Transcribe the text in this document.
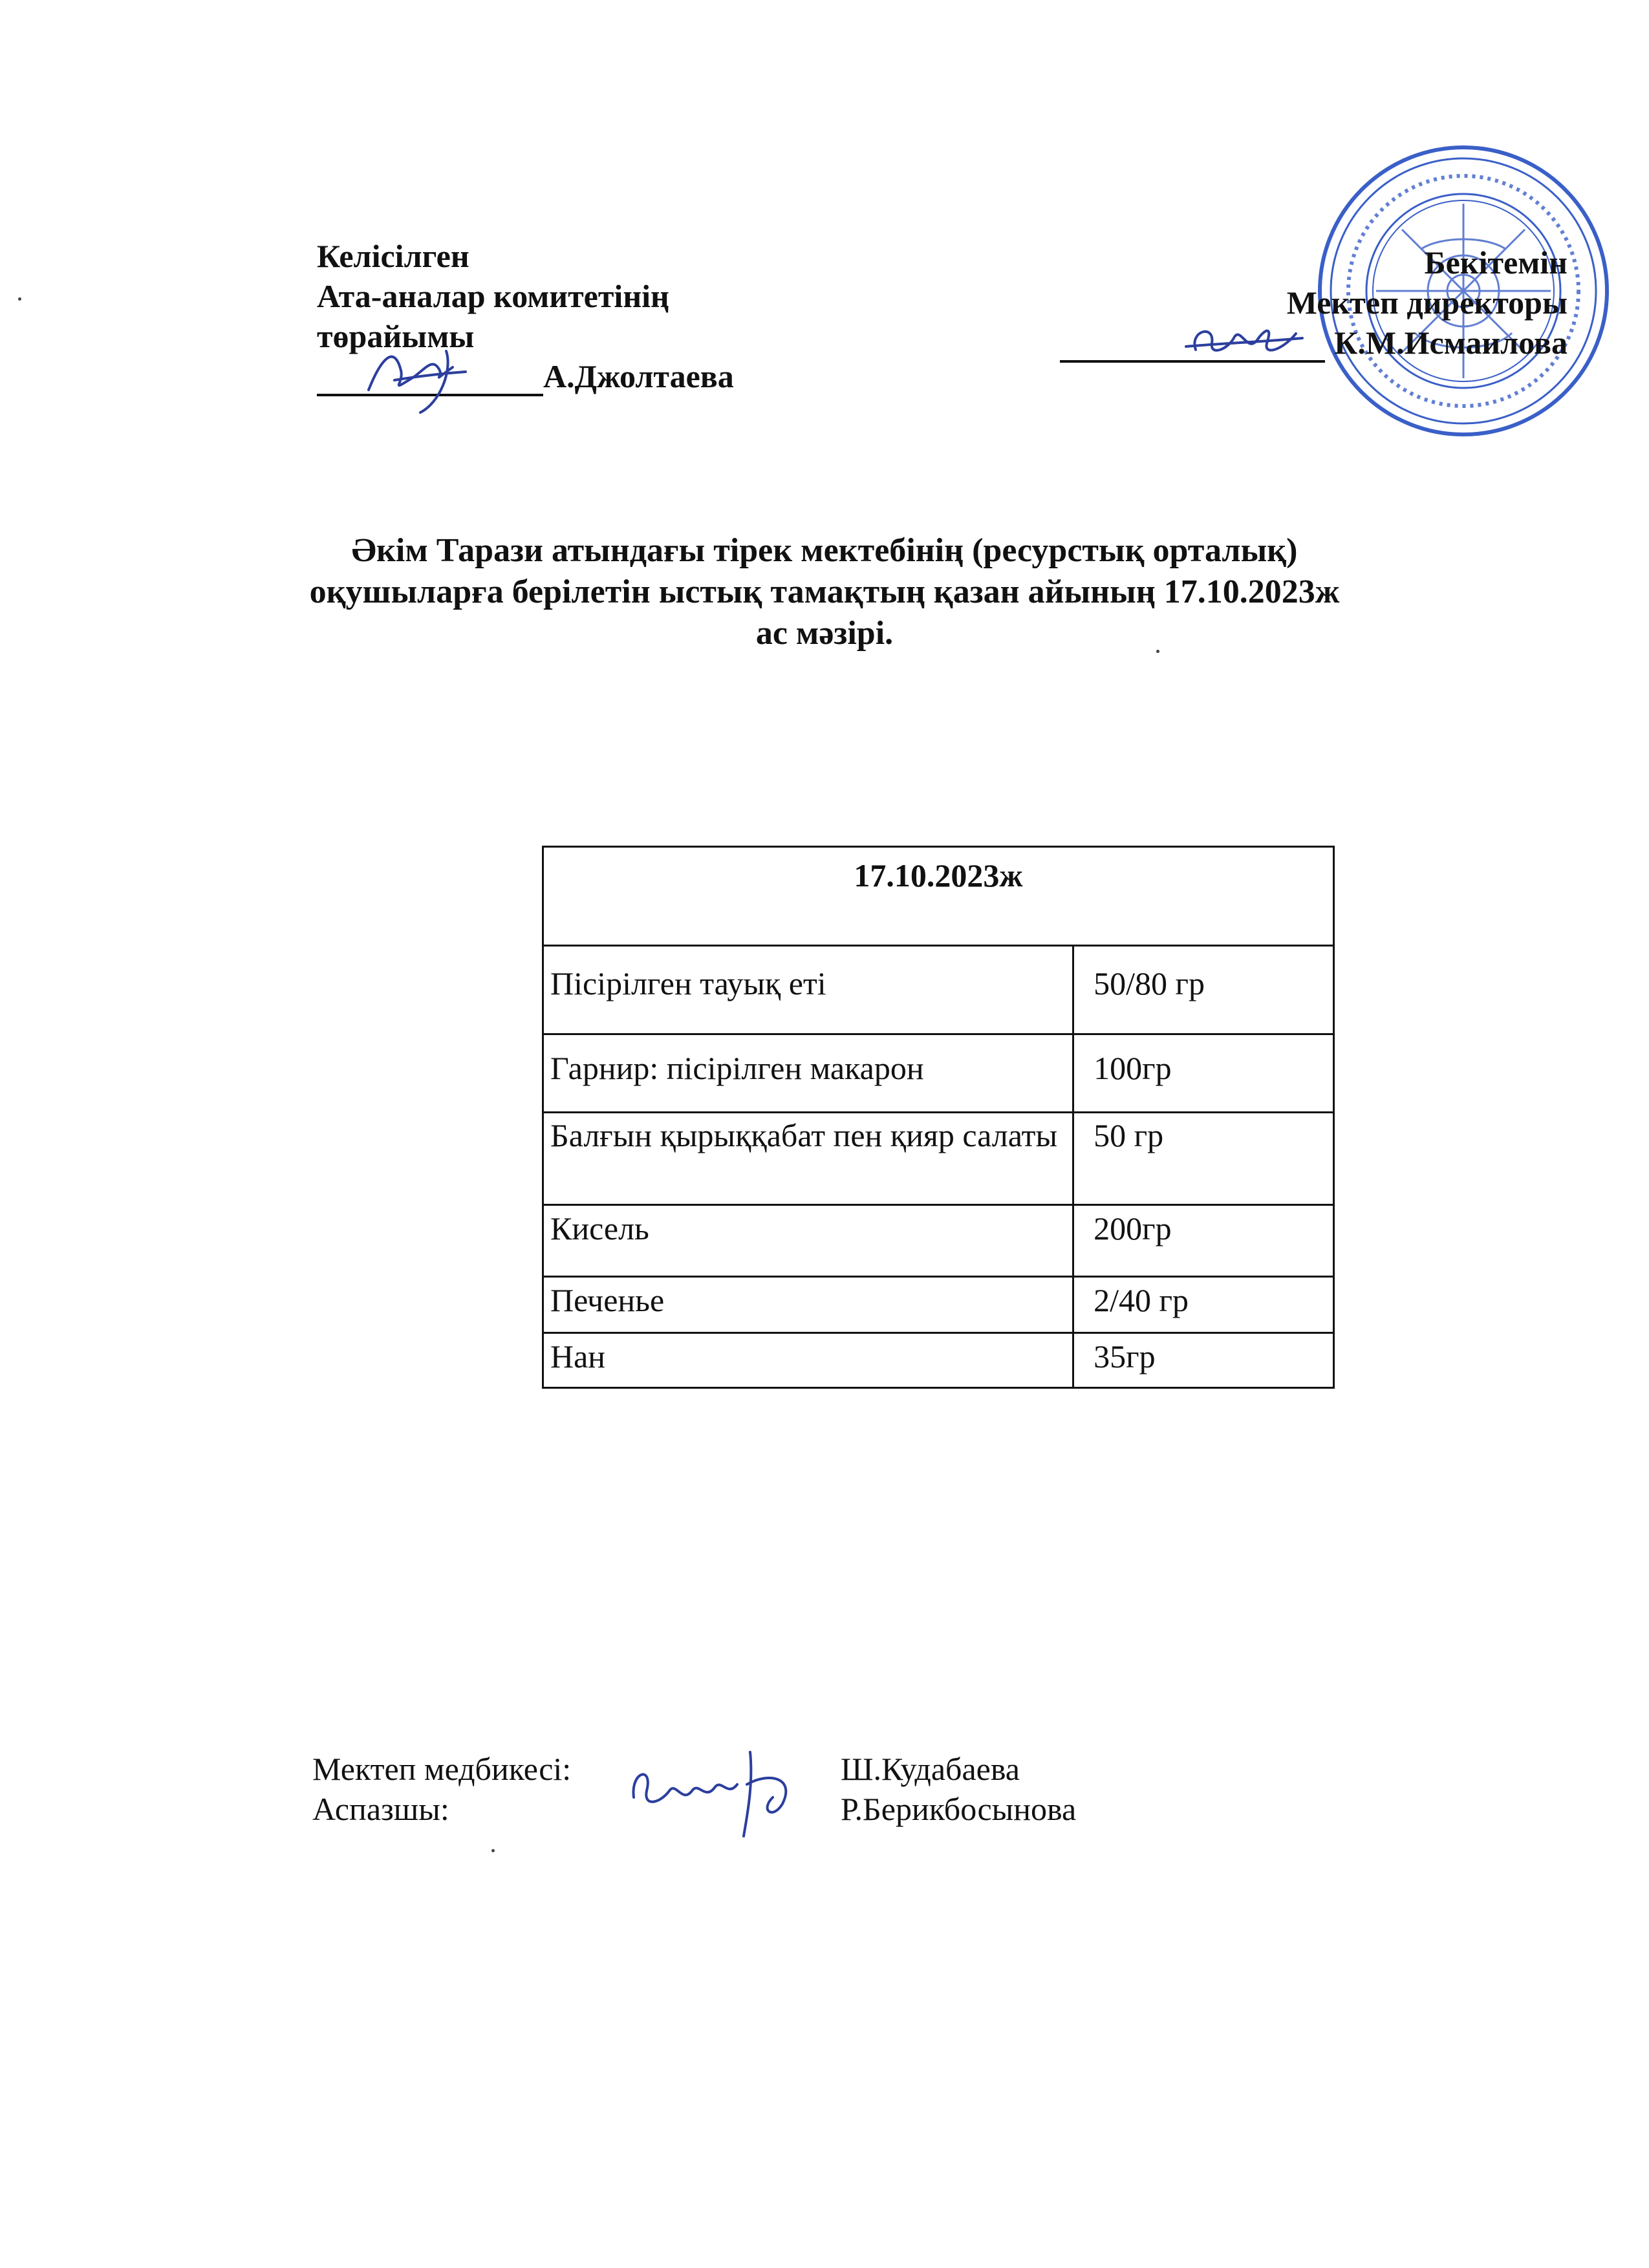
Келісілген
Ата-аналар комитетінің
төрайымы
А.Джолтаева
Бекітемін
Мектеп директоры
К.М.Исмаилова
Әкім Тарази атындағы тірек мектебінің (ресурстық орталық)
оқушыларға берілетін ыстық тамақтың қазан айының 17.10.2023ж
ас мәзірі.
17.10.2023ж	
Пісірілген тауық еті	50/80 гр
Гарнир: пісірілген макарон	100гр
Балғын қырыққабат пен қияр салаты	50 гр
Кисель	200гр
Печенье	2/40 гр
Нан	35гр
Мектеп медбикесі:
Аспазшы:
Ш.Кудабаева
Р.Берикбосынова
